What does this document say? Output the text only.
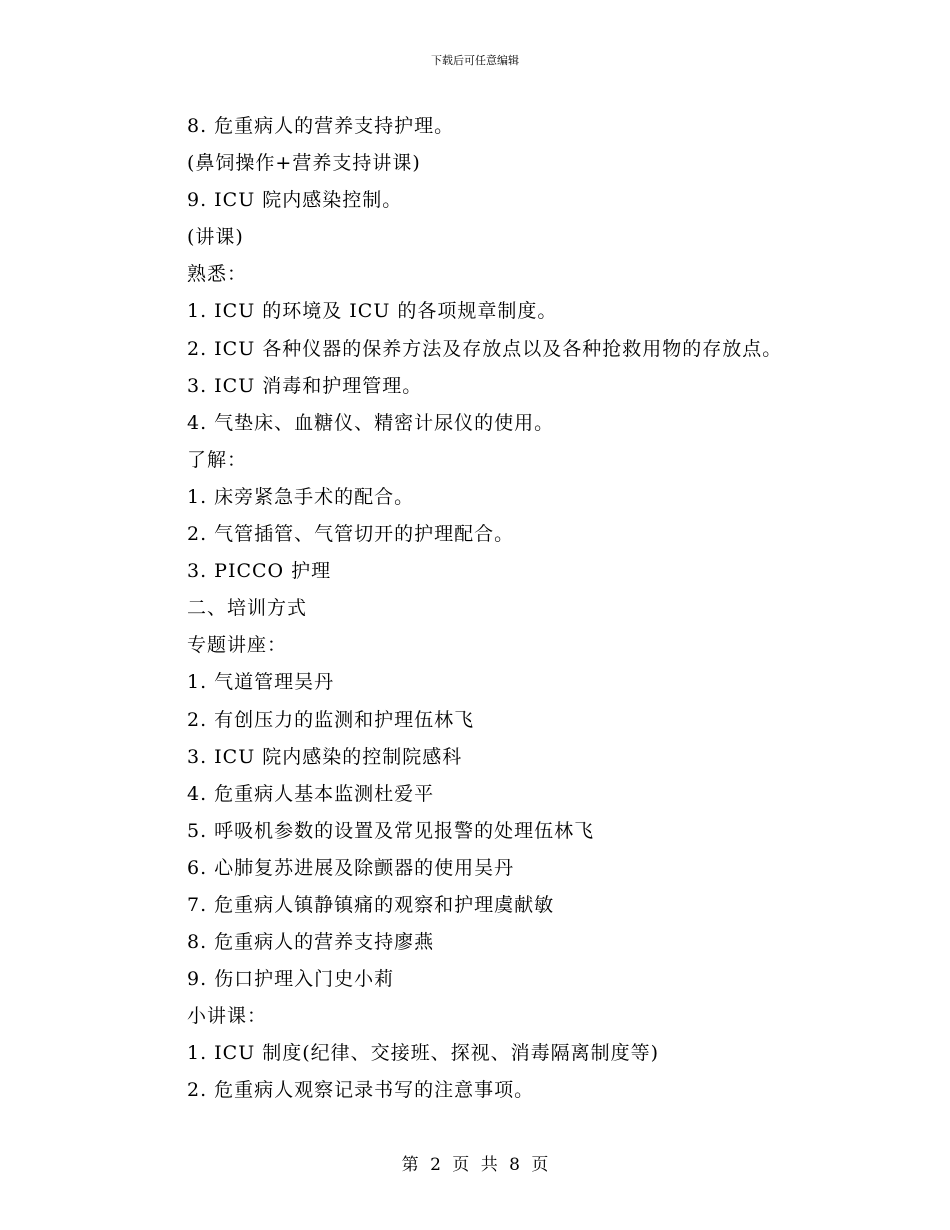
下载后可任意编辑
8. 危重病人的营养支持护理。
(鼻饲操作+营养支持讲课)
9. ICU 院内感染控制。
(讲课)
熟悉：
1. ICU 的环境及 ICU 的各项规章制度。
2. ICU 各种仪器的保养方法及存放点以及各种抢救用物的存放点。
3. ICU 消毒和护理管理。
4. 气垫床、血糖仪、精密计尿仪的使用。
了解：
1. 床旁紧急手术的配合。
2. 气管插管、气管切开的护理配合。
3. PICCO 护理
二、培训方式
专题讲座：
1. 气道管理吴丹
2. 有创压力的监测和护理伍林飞
3. ICU 院内感染的控制院感科
4. 危重病人基本监测杜爱平
5. 呼吸机参数的设置及常见报警的处理伍林飞
6. 心肺复苏进展及除颤器的使用吴丹
7. 危重病人镇静镇痛的观察和护理虞献敏
8. 危重病人的营养支持廖燕
9. 伤口护理入门史小莉
小讲课：
1. ICU 制度(纪律、交接班、探视、消毒隔离制度等)
2. 危重病人观察记录书写的注意事项。
第 2 页 共 8 页
